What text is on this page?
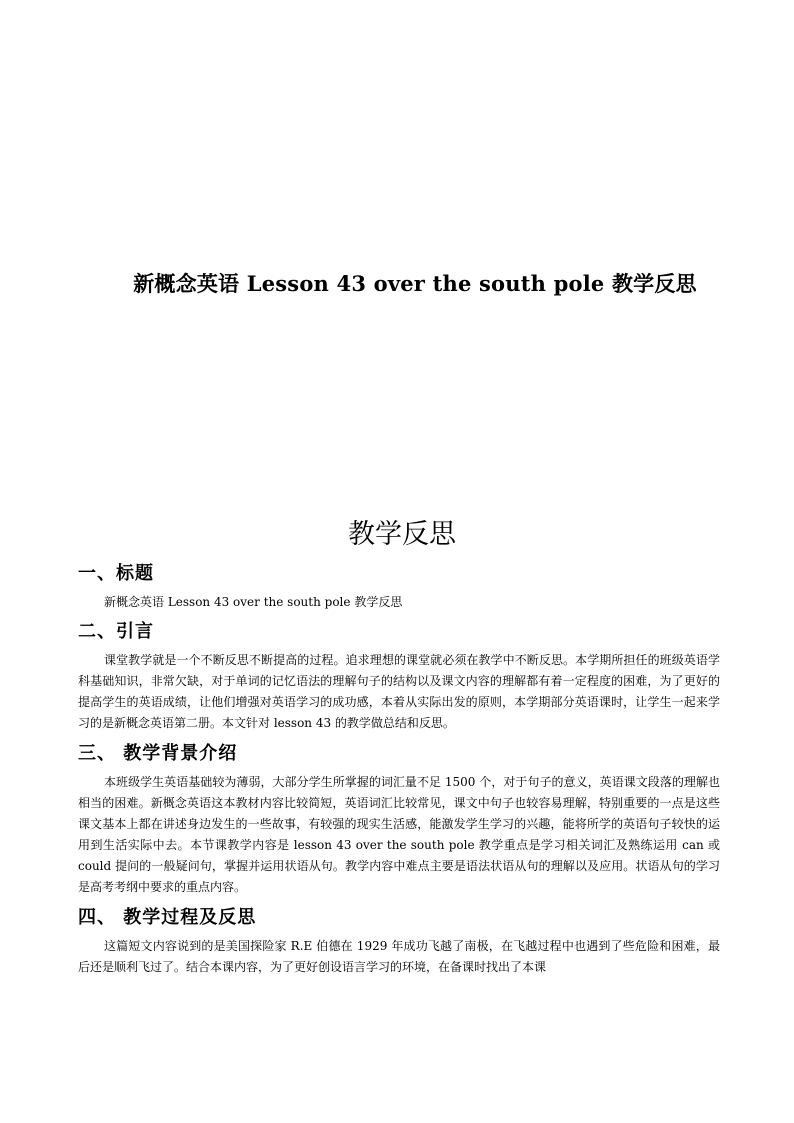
新概念英语 Lesson 43 over the south pole 教学反思
教学反思
一、标题

新概念英语 Lesson 43 over the south pole 教学反思

二、引言

课堂教学就是一个不断反思不断提高的过程。追求理想的课堂就必须在教学中不断反思。本学期所担任的班级英语学科基础知识，非常欠缺，对于单词的记忆语法的理解句子的结构以及课文内容的理解都有着一定程度的困难，为了更好的提高学生的英语成绩，让他们增强对英语学习的成功感，本着从实际出发的原则，本学期部分英语课时，让学生一起来学习的是新概念英语第二册。本文针对 lesson 43 的教学做总结和反思。

三、 教学背景介绍

本班级学生英语基础较为薄弱，大部分学生所掌握的词汇量不足 1500 个，对于句子的意义，英语课文段落的理解也相当的困难。新概念英语这本教材内容比较简短，英语词汇比较常见，课文中句子也较容易理解，特别重要的一点是这些课文基本上都在讲述身边发生的一些故事，有较强的现实生活感，能激发学生学习的兴趣，能将所学的英语句子较快的运用到生活实际中去。本节课教学内容是 lesson 43 over the south pole 教学重点是学习相关词汇及熟练运用 can 或 could 提问的一般疑问句，掌握并运用状语从句。教学内容中难点主要是语法状语从句的理解以及应用。状语从句的学习是高考考纲中要求的重点内容。

四、 教学过程及反思

这篇短文内容说到的是美国探险家 R.E 伯德在 1929 年成功飞越了南极，在飞越过程中也遇到了些危险和困难，最后还是顺利飞过了。结合本课内容，为了更好创设语言学习的环境，在备课时找出了本课
